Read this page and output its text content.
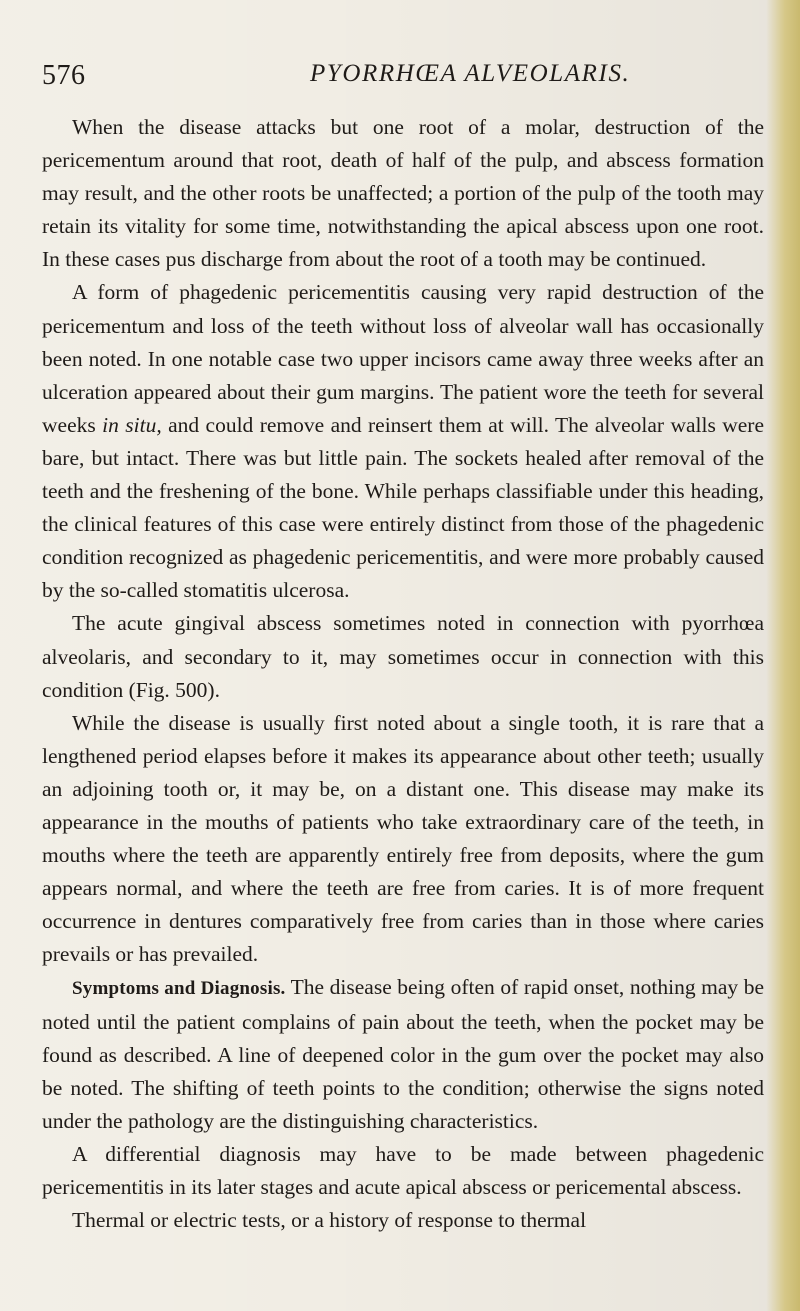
576	PYORRHŒA ALVEOLARIS.

When the disease attacks but one root of a molar, destruction of the pericementum around that root, death of half of the pulp, and abscess formation may result, and the other roots be unaffected; a portion of the pulp of the tooth may retain its vitality for some time, notwithstanding the apical abscess upon one root. In these cases pus discharge from about the root of a tooth may be continued.

A form of phagedenic pericementitis causing very rapid destruction of the pericementum and loss of the teeth without loss of alveolar wall has occasionally been noted. In one notable case two upper incisors came away three weeks after an ulceration appeared about their gum margins. The patient wore the teeth for several weeks in situ, and could remove and reinsert them at will. The alveolar walls were bare, but intact. There was but little pain. The sockets healed after removal of the teeth and the freshening of the bone. While perhaps classifiable under this heading, the clinical features of this case were entirely distinct from those of the phagedenic condition recognized as phagedenic pericementitis, and were more probably caused by the so-called stomatitis ulcerosa.

The acute gingival abscess sometimes noted in connection with pyorrhœa alveolaris, and secondary to it, may sometimes occur in connection with this condition (Fig. 500).

While the disease is usually first noted about a single tooth, it is rare that a lengthened period elapses before it makes its appearance about other teeth; usually an adjoining tooth or, it may be, on a distant one. This disease may make its appearance in the mouths of patients who take extraordinary care of the teeth, in mouths where the teeth are apparently entirely free from deposits, where the gum appears normal, and where the teeth are free from caries. It is of more frequent occurrence in dentures comparatively free from caries than in those where caries prevails or has prevailed.

Symptoms and Diagnosis. The disease being often of rapid onset, nothing may be noted until the patient complains of pain about the teeth, when the pocket may be found as described. A line of deepened color in the gum over the pocket may also be noted. The shifting of teeth points to the condition; otherwise the signs noted under the pathology are the distinguishing characteristics.

A differential diagnosis may have to be made between phagedenic pericementitis in its later stages and acute apical abscess or pericemental abscess.

Thermal or electric tests, or a history of response to thermal
